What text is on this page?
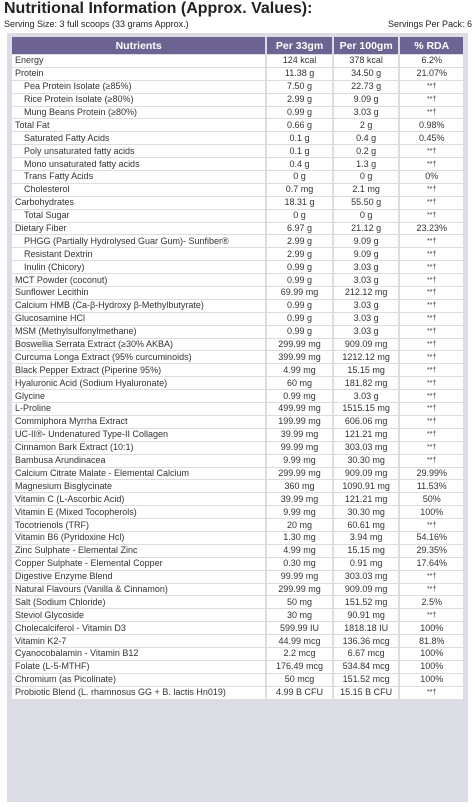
Nutritional Information (Approx. Values):
Serving Size: 3 full scoops (33 grams Approx.)	Servings Per Pack: 6
Nutrients	Per 33gm	Per 100gm	% RDA
Energy	124 kcal	378 kcal	6.2%
Protein	11.38 g	34.50 g	21.07%
Pea Protein Isolate (≥85%)	7.50 g	22.73 g	**†
Rice Protein Isolate (≥80%)	2.99 g	9.09 g	**†
Mung Beans Protein (≥80%)	0.99 g	3.03 g	**†
Total Fat	0.66 g	2 g	0.98%
Saturated Fatty Acids	0.1 g	0.4 g	0.45%
Poly unsaturated fatty acids	0.1 g	0.2 g	**†
Mono unsaturated fatty acids	0.4 g	1.3 g	**†
Trans Fatty Acids	0 g	0 g	0%
Cholesterol	0.7 mg	2.1 mg	**†
Carbohydrates	18.31 g	55.50 g	**†
Total Sugar	0 g	0 g	**†
Dietary Fiber	6.97 g	21.12 g	23.23%
PHGG (Partially Hydrolysed Guar Gum)- Sunfiber®	2.99 g	9.09 g	**†
Resistant Dextrin	2.99 g	9.09 g	**†
Inulin (Chicory)	0.99 g	3.03 g	**†
MCT Powder (coconut)	0.99 g	3.03 g	**†
Sunflower Lecithin	69.99 mg	212.12 mg	**†
Calcium HMB (Ca-β-Hydroxy β-Methylbutyrate)	0.99 g	3.03 g	**†
Glucosamine HCl	0.99 g	3.03 g	**†
MSM (Methylsulfonylmethane)	0.99 g	3.03 g	**†
Boswellia Serrata Extract (≥30% AKBA)	299.99 mg	909.09 mg	**†
Curcuma Longa Extract (95% curcuminoids)	399.99 mg	1212.12 mg	**†
Black Pepper Extract (Piperine 95%)	4.99 mg	15.15 mg	**†
Hyaluronic Acid (Sodium Hyaluronate)	60 mg	181.82 mg	**†
Glycine	0.99 mg	3.03 g	**†
L-Proline	499.99 mg	1515.15 mg	**†
Commiphora Myrrha Extract	199.99 mg	606.06 mg	**†
UC-II®- Undenatured Type-II Collagen	39.99 mg	121.21 mg	**†
Cinnamon Bark Extract (10:1)	99.99 mg	303.03 mg	**†
Bambusa Arundinacea	9.99 mg	30.30 mg	**†
Calcium Citrate Malate - Elemental Calcium	299.99 mg	909.09 mg	29.99%
Magnesium Bisglycinate	360 mg	1090.91 mg	11.53%
Vitamin C (L-Ascorbic Acid)	39.99 mg	121.21 mg	50%
Vitamin E (Mixed Tocopherols)	9.99 mg	30.30 mg	100%
Tocotrienols (TRF)	20 mg	60.61 mg	**†
Vitamin B6 (Pyridoxine Hcl)	1.30 mg	3.94 mg	54.16%
Zinc Sulphate - Elemental Zinc	4.99 mg	15.15 mg	29.35%
Copper Sulphate - Elemental Copper	0.30 mg	0.91 mg	17.64%
Digestive Enzyme Blend	99.99 mg	303.03 mg	**†
Natural Flavours (Vanilla & Cinnamon)	299.99 mg	909.09 mg	**†
Salt (Sodium Chloride)	50 mg	151.52 mg	2.5%
Steviol Glycoside	30 mg	90.91 mg	**†
Cholecalciferol - Vitamin D3	599.99 IU	1818.18 IU	100%
Vitamin K2-7	44.99 mcg	136.36 mcg	81.8%
Cyanocobalamin - Vitamin B12	2.2 mcg	6.67 mcg	100%
Folate (L-5-MTHF)	176.49 mcg	534.84 mcg	100%
Chromium (as Picolinate)	50 mcg	151.52 mcg	100%
Probiotic Blend (L. rhamnosus GG + B. lactis Hn019)	4.99 B CFU	15.15 B CFU	**†
